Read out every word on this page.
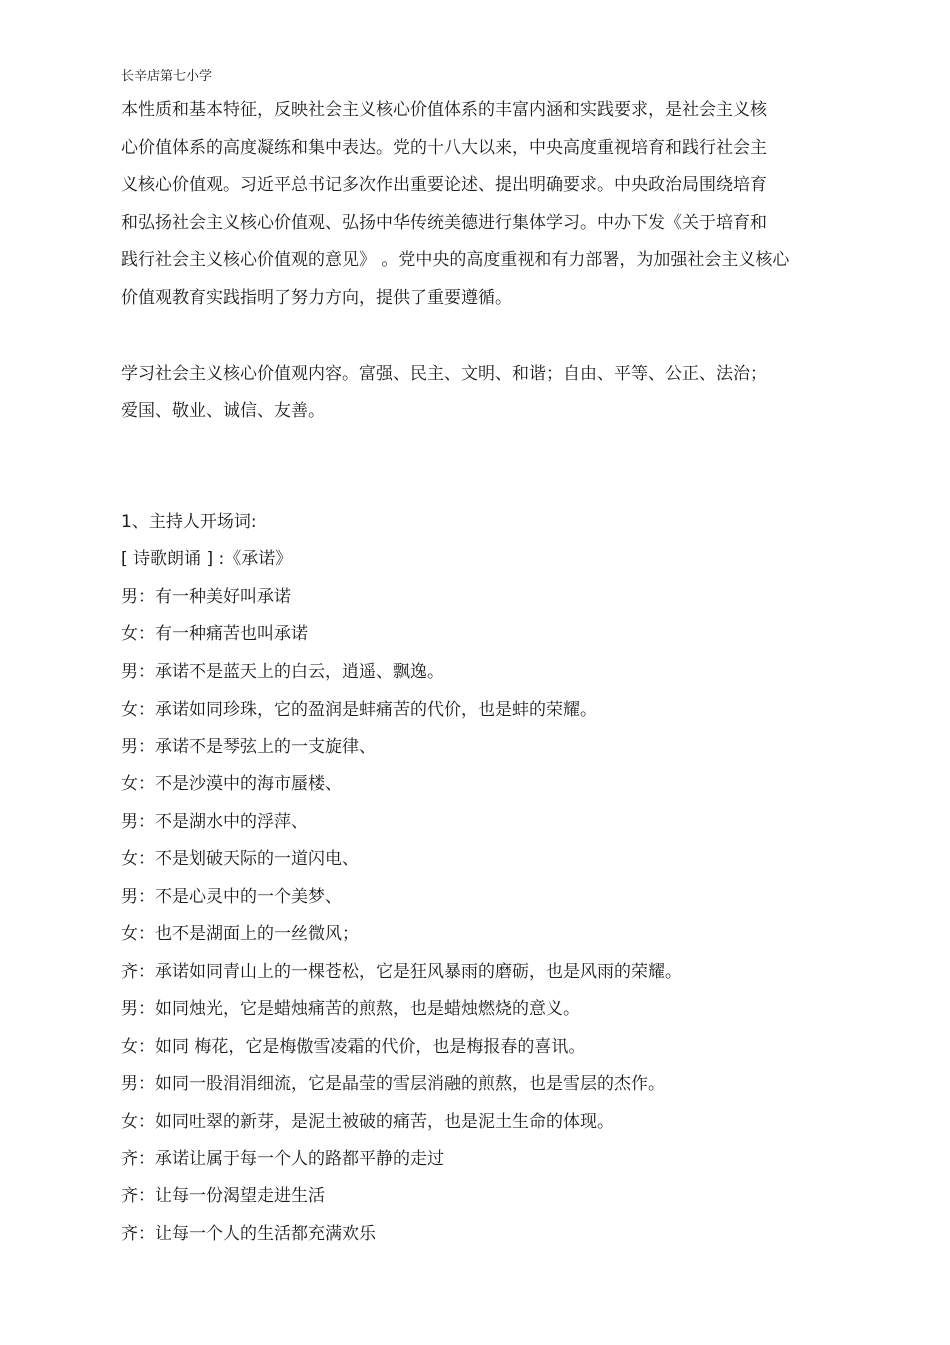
长辛店第七小学
本性质和基本特征，反映社会主义核心价值体系的丰富内涵和实践要求，是社会主义核
心价值体系的高度凝练和集中表达。党的十八大以来，中央高度重视培育和践行社会主
义核心价值观。习近平总书记多次作出重要论述、提出明确要求。中央政治局围绕培育
和弘扬社会主义核心价值观、弘扬中华传统美德进行集体学习。中办下发《关于培育和
践行社会主义核心价值观的意见》 。党中央的高度重视和有力部署，为加强社会主义核心
价值观教育实践指明了努力方向，提供了重要遵循。
学习社会主义核心价值观内容。富强、民主、文明、和谐；自由、平等、公正、法治；
爱国、敬业、诚信、友善。
1、主持人开场词:
[ 诗歌朗诵 ] :《承诺》
男：有一种美好叫承诺
女：有一种痛苦也叫承诺
男：承诺不是蓝天上的白云，逍遥、飘逸。
女：承诺如同珍珠，它的盈润是蚌痛苦的代价，也是蚌的荣耀。
男：承诺不是琴弦上的一支旋律、
女：不是沙漠中的海市蜃楼、
男：不是湖水中的浮萍、
女：不是划破天际的一道闪电、
男：不是心灵中的一个美梦、
女：也不是湖面上的一丝微风；
齐：承诺如同青山上的一棵苍松，它是狂风暴雨的磨砺，也是风雨的荣耀。
男：如同烛光，它是蜡烛痛苦的煎熬，也是蜡烛燃烧的意义。
女：如同 梅花，它是梅傲雪凌霜的代价，也是梅报春的喜讯。
男：如同一股涓涓细流，它是晶莹的雪层消融的煎熬，也是雪层的杰作。
女：如同吐翠的新芽，是泥土被破的痛苦，也是泥土生命的体现。
齐：承诺让属于每一个人的路都平静的走过
齐：让每一份渴望走进生活
齐：让每一个人的生活都充满欢乐
